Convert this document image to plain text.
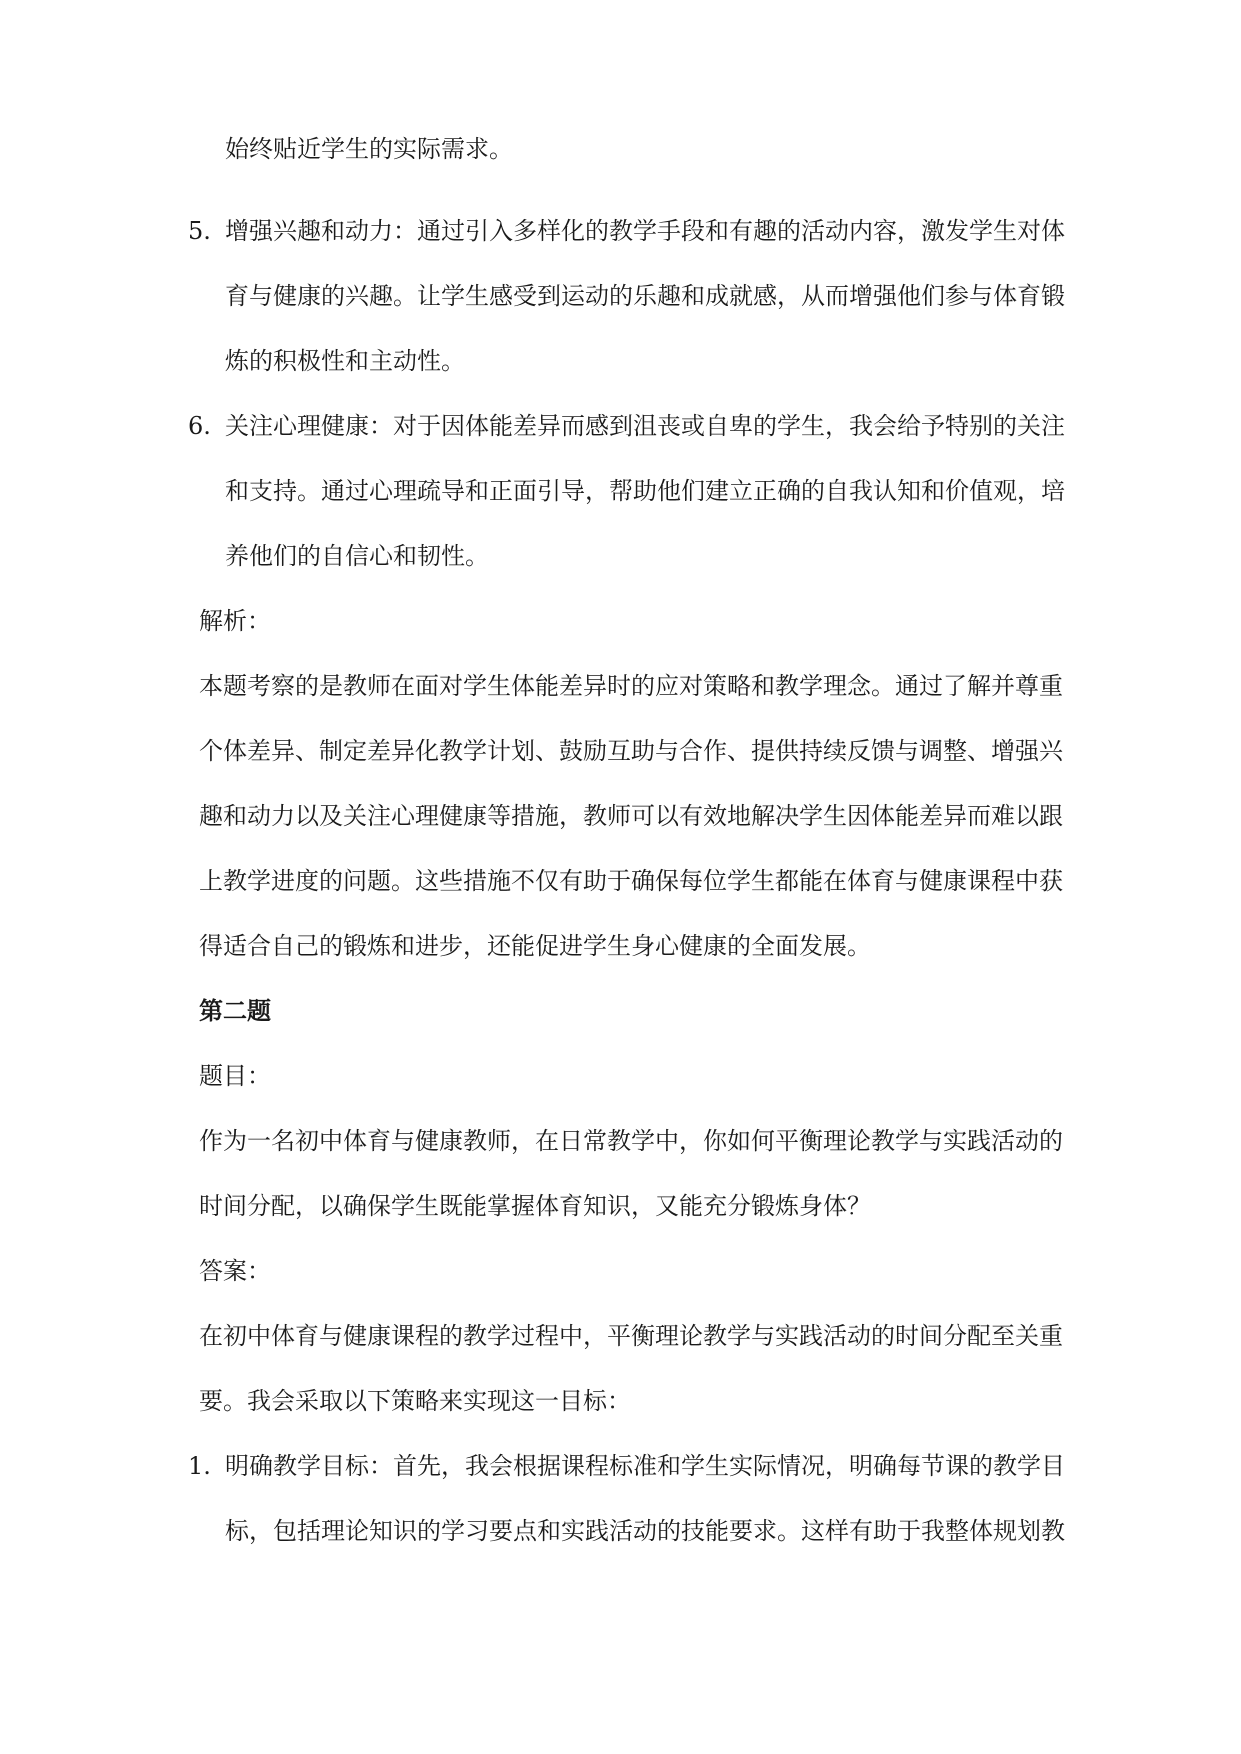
始终贴近学生的实际需求。
5. 增强兴趣和动力：通过引入多样化的教学手段和有趣的活动内容，激发学生对体
育与健康的兴趣。让学生感受到运动的乐趣和成就感，从而增强他们参与体育锻
炼的积极性和主动性。
6. 关注心理健康：对于因体能差异而感到沮丧或自卑的学生，我会给予特别的关注
和支持。通过心理疏导和正面引导，帮助他们建立正确的自我认知和价值观，培
养他们的自信心和韧性。
解析：
本题考察的是教师在面对学生体能差异时的应对策略和教学理念。通过了解并尊重
个体差异、制定差异化教学计划、鼓励互助与合作、提供持续反馈与调整、增强兴
趣和动力以及关注心理健康等措施，教师可以有效地解决学生因体能差异而难以跟
上教学进度的问题。这些措施不仅有助于确保每位学生都能在体育与健康课程中获
得适合自己的锻炼和进步，还能促进学生身心健康的全面发展。
第二题
题目：
作为一名初中体育与健康教师，在日常教学中，你如何平衡理论教学与实践活动的
时间分配，以确保学生既能掌握体育知识，又能充分锻炼身体？
答案：
在初中体育与健康课程的教学过程中，平衡理论教学与实践活动的时间分配至关重
要。我会采取以下策略来实现这一目标：
1. 明确教学目标：首先，我会根据课程标准和学生实际情况，明确每节课的教学目
标，包括理论知识的学习要点和实践活动的技能要求。这样有助于我整体规划教
